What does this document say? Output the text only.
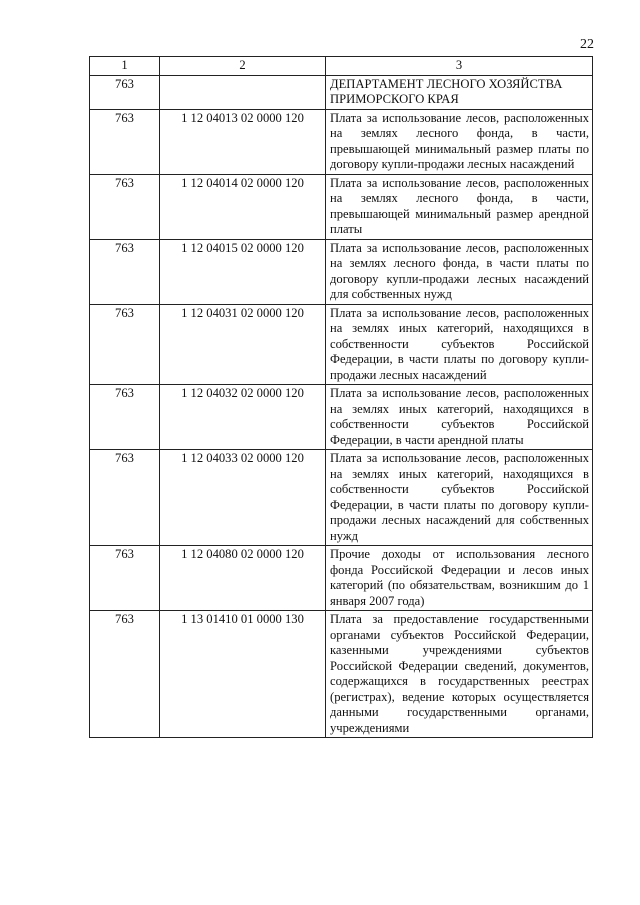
22
1	2	3
763		ДЕПАРТАМЕНТ ЛЕСНОГО ХОЗЯЙСТВА ПРИМОРСКОГО КРАЯ
763	1 12 04013 02 0000 120	Плата за использование лесов, расположенных на землях лесного фонда, в части, превышающей минимальный размер платы по договору купли-продажи лесных насаждений
763	1 12 04014 02 0000 120	Плата за использование лесов, расположенных на землях лесного фонда, в части, превышающей минимальный размер арендной платы
763	1 12 04015 02 0000 120	Плата за использование лесов, расположенных на землях лесного фонда, в части платы по договору купли-продажи лесных насаждений для собственных нужд
763	1 12 04031 02 0000 120	Плата за использование лесов, расположенных на землях иных категорий, находящихся в собственности субъектов Российской Федерации, в части платы по договору купли-продажи лесных насаждений
763	1 12 04032 02 0000 120	Плата за использование лесов, расположенных на землях иных категорий, находящихся в собственности субъектов Российской Федерации, в части арендной платы
763	1 12 04033 02 0000 120	Плата за использование лесов, расположенных на землях иных категорий, находящихся в собственности субъектов Российской Федерации, в части платы по договору купли-продажи лесных насаждений для собственных нужд
763	1 12 04080 02 0000 120	Прочие доходы от использования лесного фонда Российской Федерации и лесов иных категорий (по обязательствам, возникшим до 1 января 2007 года)
763	1 13 01410 01 0000 130	Плата за предоставление государственными органами субъектов Российской Федерации, казенными учреждениями субъектов Российской Федерации сведений, документов, содержащихся в государственных реестрах (регистрах), ведение которых осуществляется данными государственными органами, учреждениями
